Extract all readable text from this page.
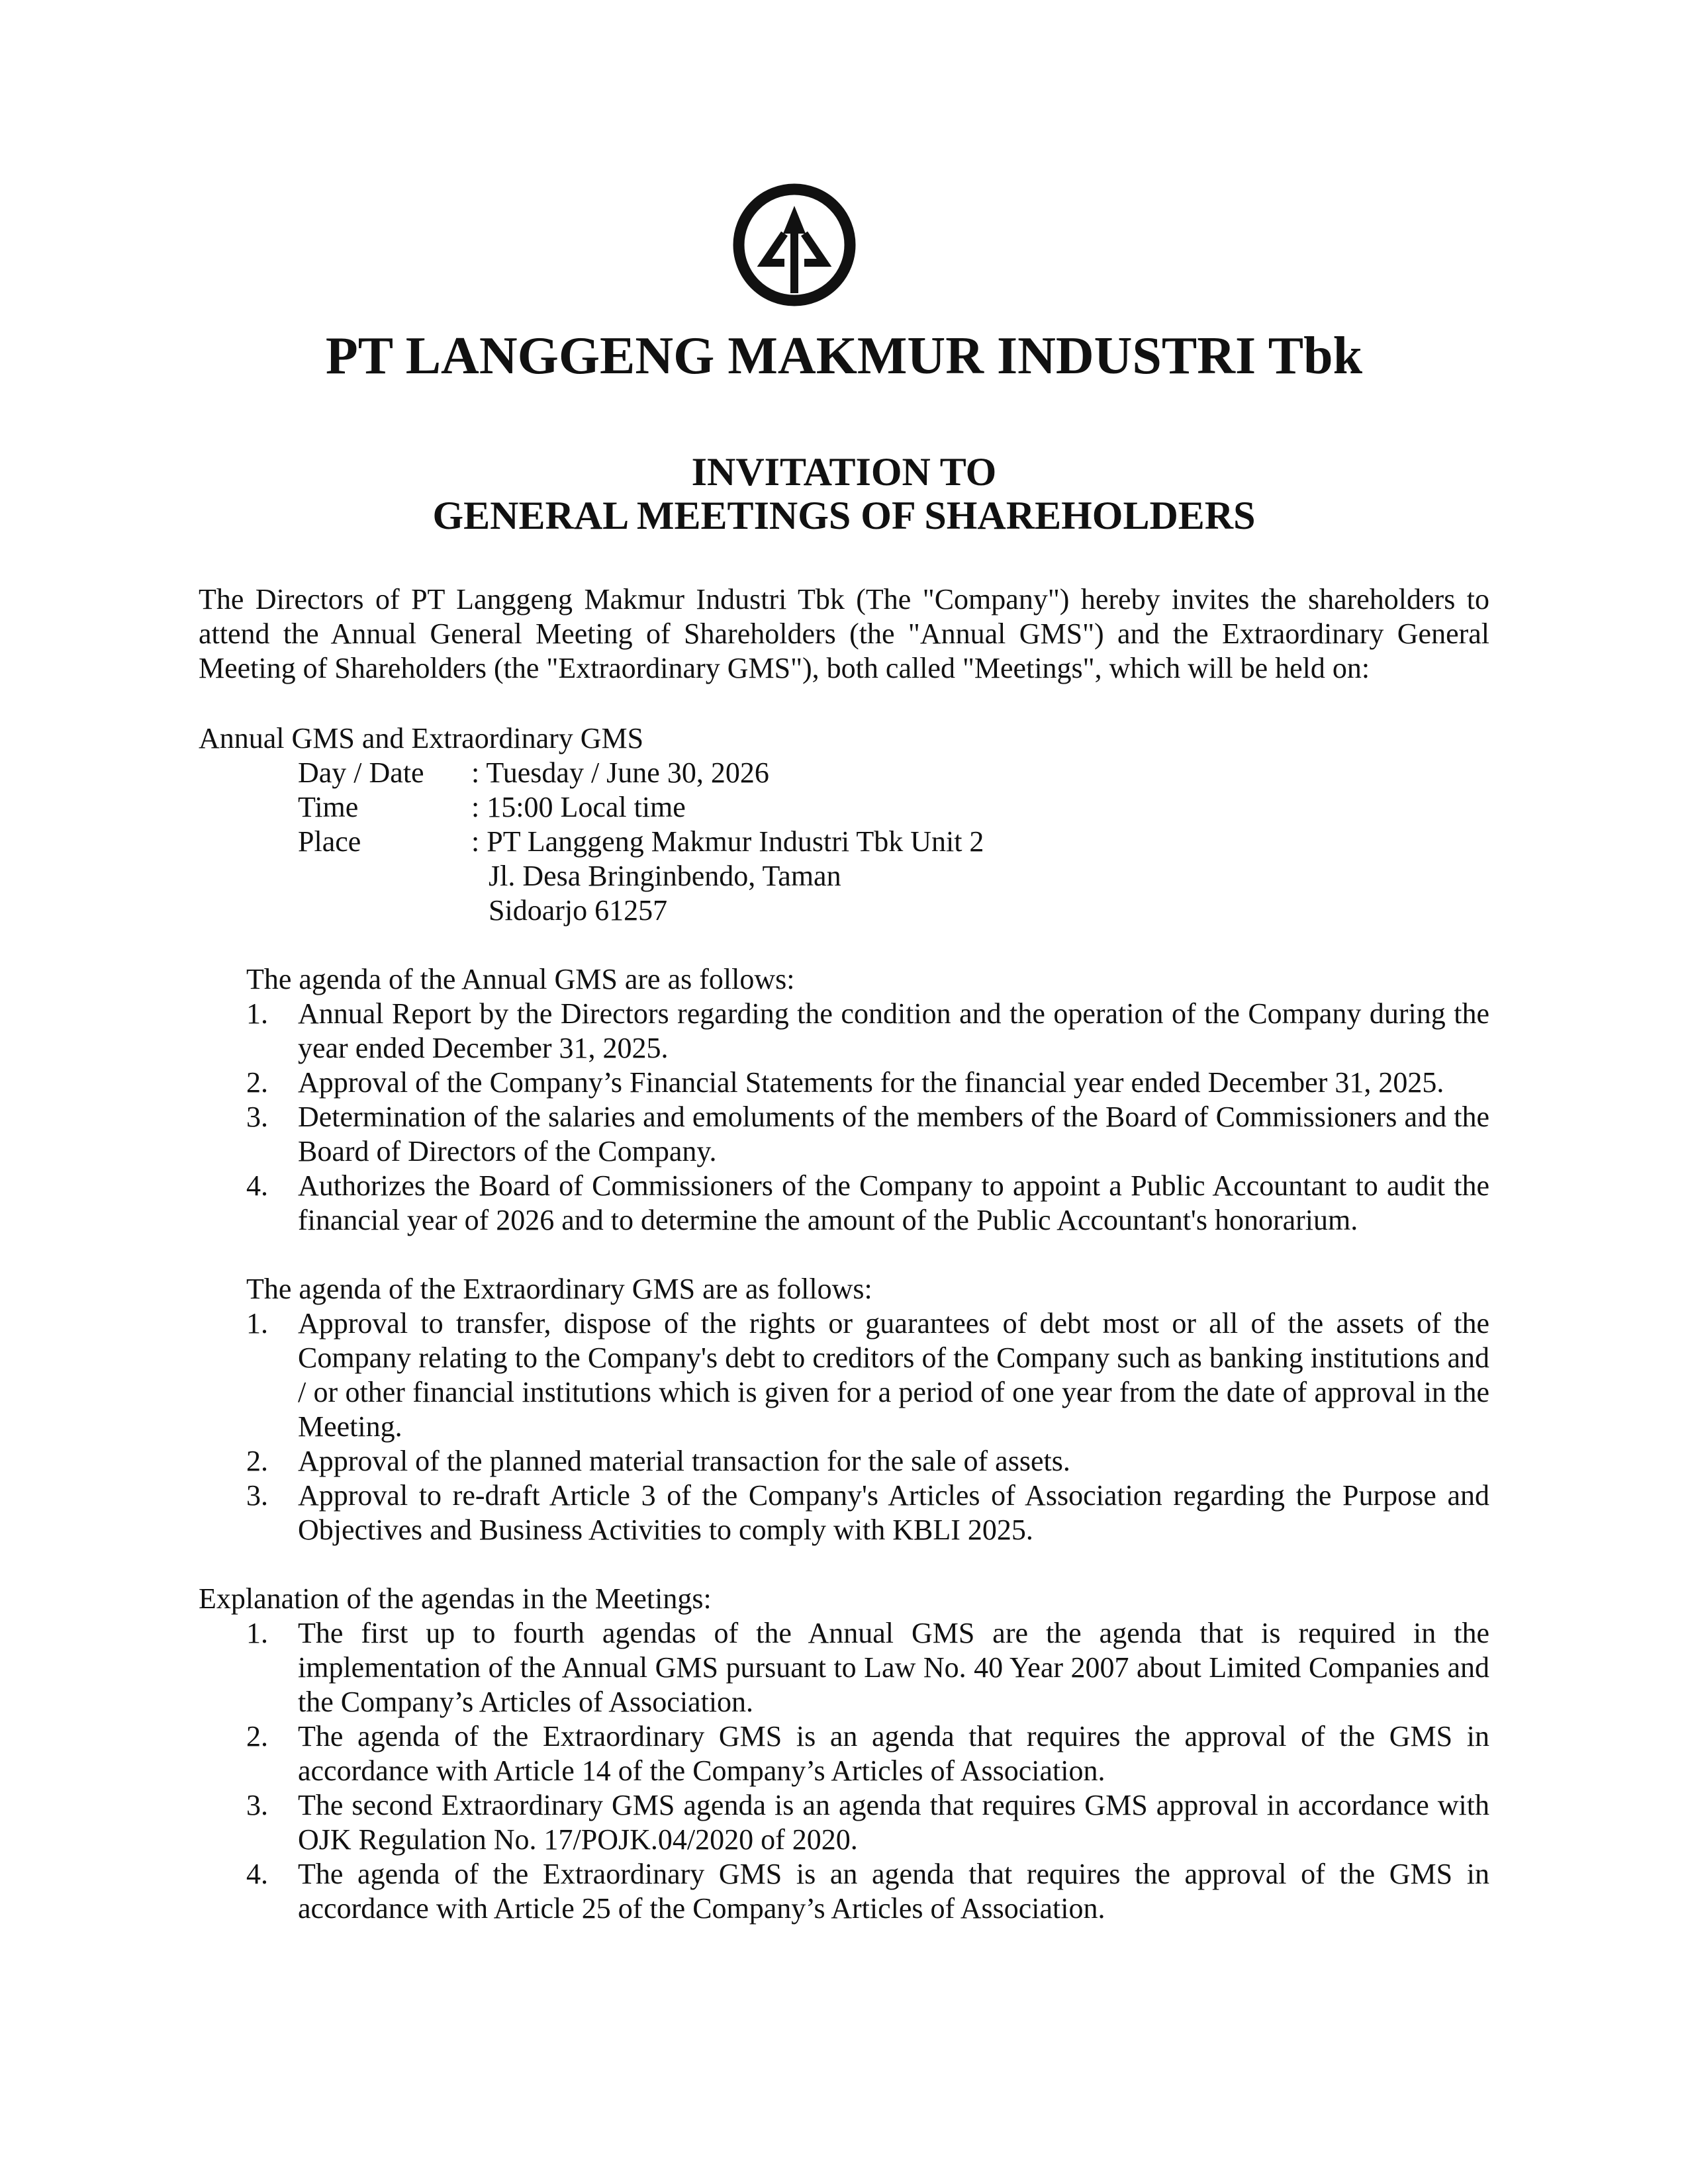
PT LANGGENG MAKMUR INDUSTRI Tbk
INVITATION TO
GENERAL MEETINGS OF SHAREHOLDERS

The Directors of PT Langgeng Makmur Industri Tbk (The "Company") hereby invites the shareholders to attend the Annual General Meeting of Shareholders (the "Annual GMS") and the Extraordinary General Meeting of Shareholders (the "Extraordinary GMS"), both called "Meetings", which will be held on:

Annual GMS and Extraordinary GMS

Day / Date	: Tuesday / June 30, 2026
Time	: 15:00 Local time
Place	: PT Langgeng Makmur Industri Tbk Unit 2
Jl. Desa Bringinbendo, Taman
Sidoarjo 61257

The agenda of the Annual GMS are as follows:

1.	Annual Report by the Directors regarding the condition and the operation of the Company during the year ended December 31, 2025.
2.	Approval of the Company’s Financial Statements for the financial year ended December 31, 2025.
3.	Determination of the salaries and emoluments of the members of the Board of Commissioners and the Board of Directors of the Company.
4.	Authorizes the Board of Commissioners of the Company to appoint a Public Accountant to audit the financial year of 2026 and to determine the amount of the Public Accountant's honorarium.

The agenda of the Extraordinary GMS are as follows:

1.	Approval to transfer, dispose of the rights or guarantees of debt most or all of the assets of the Company relating to the Company's debt to creditors of the Company such as banking institutions and / or other financial institutions which is given for a period of one year from the date of approval in the Meeting.
2.	Approval of the planned material transaction for the sale of assets.
3.	Approval to re-draft Article 3 of the Company's Articles of Association regarding the Purpose and Objectives and Business Activities to comply with KBLI 2025.

Explanation of the agendas in the Meetings:

1.	The first up to fourth agendas of the Annual GMS are the agenda that is required in the implementation of the Annual GMS pursuant to Law No. 40 Year 2007 about Limited Companies and the Company’s Articles of Association.
2.	The agenda of the Extraordinary GMS is an agenda that requires the approval of the GMS in accordance with Article 14 of the Company’s Articles of Association.
3.	The second Extraordinary GMS agenda is an agenda that requires GMS approval in accordance with OJK Regulation No. 17/POJK.04/2020 of 2020.
4.	The agenda of the Extraordinary GMS is an agenda that requires the approval of the GMS in accordance with Article 25 of the Company’s Articles of Association.
